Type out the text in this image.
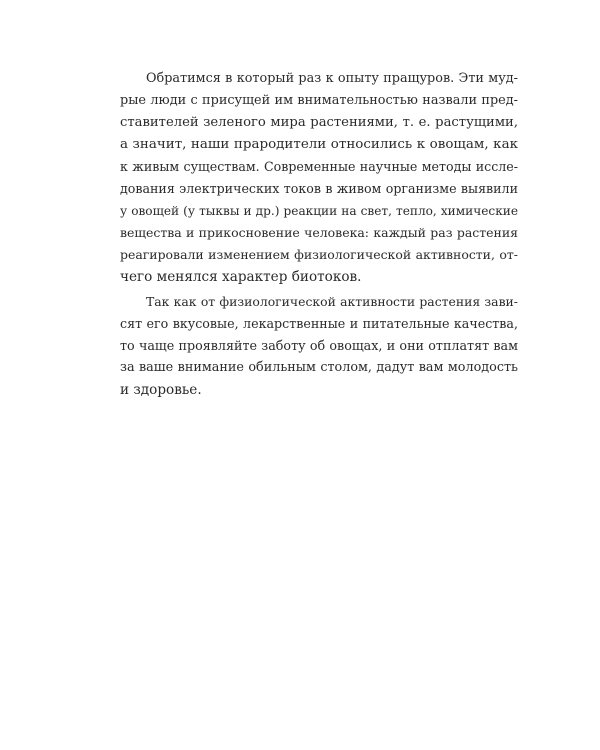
Обратимся в который раз к опыту пращуров. Эти муд-
рые люди с присущей им внимательностью назвали пред-
ставителей зеленого мира растениями, т. е. растущими,
а значит, наши прародители относились к овощам, как
к живым существам. Современные научные методы иссле-
дования электрических токов в живом организме выявили
у овощей (у тыквы и др.) реакции на свет, тепло, химические
вещества и прикосновение человека: каждый раз растения
реагировали изменением физиологической активности, от-
чего менялся характер биотоков.
Так как от физиологической активности растения зави-
сят его вкусовые, лекарственные и питательные качества,
то чаще проявляйте заботу об овощах, и они отплатят вам
за ваше внимание обильным столом, дадут вам молодость
и здоровье.
